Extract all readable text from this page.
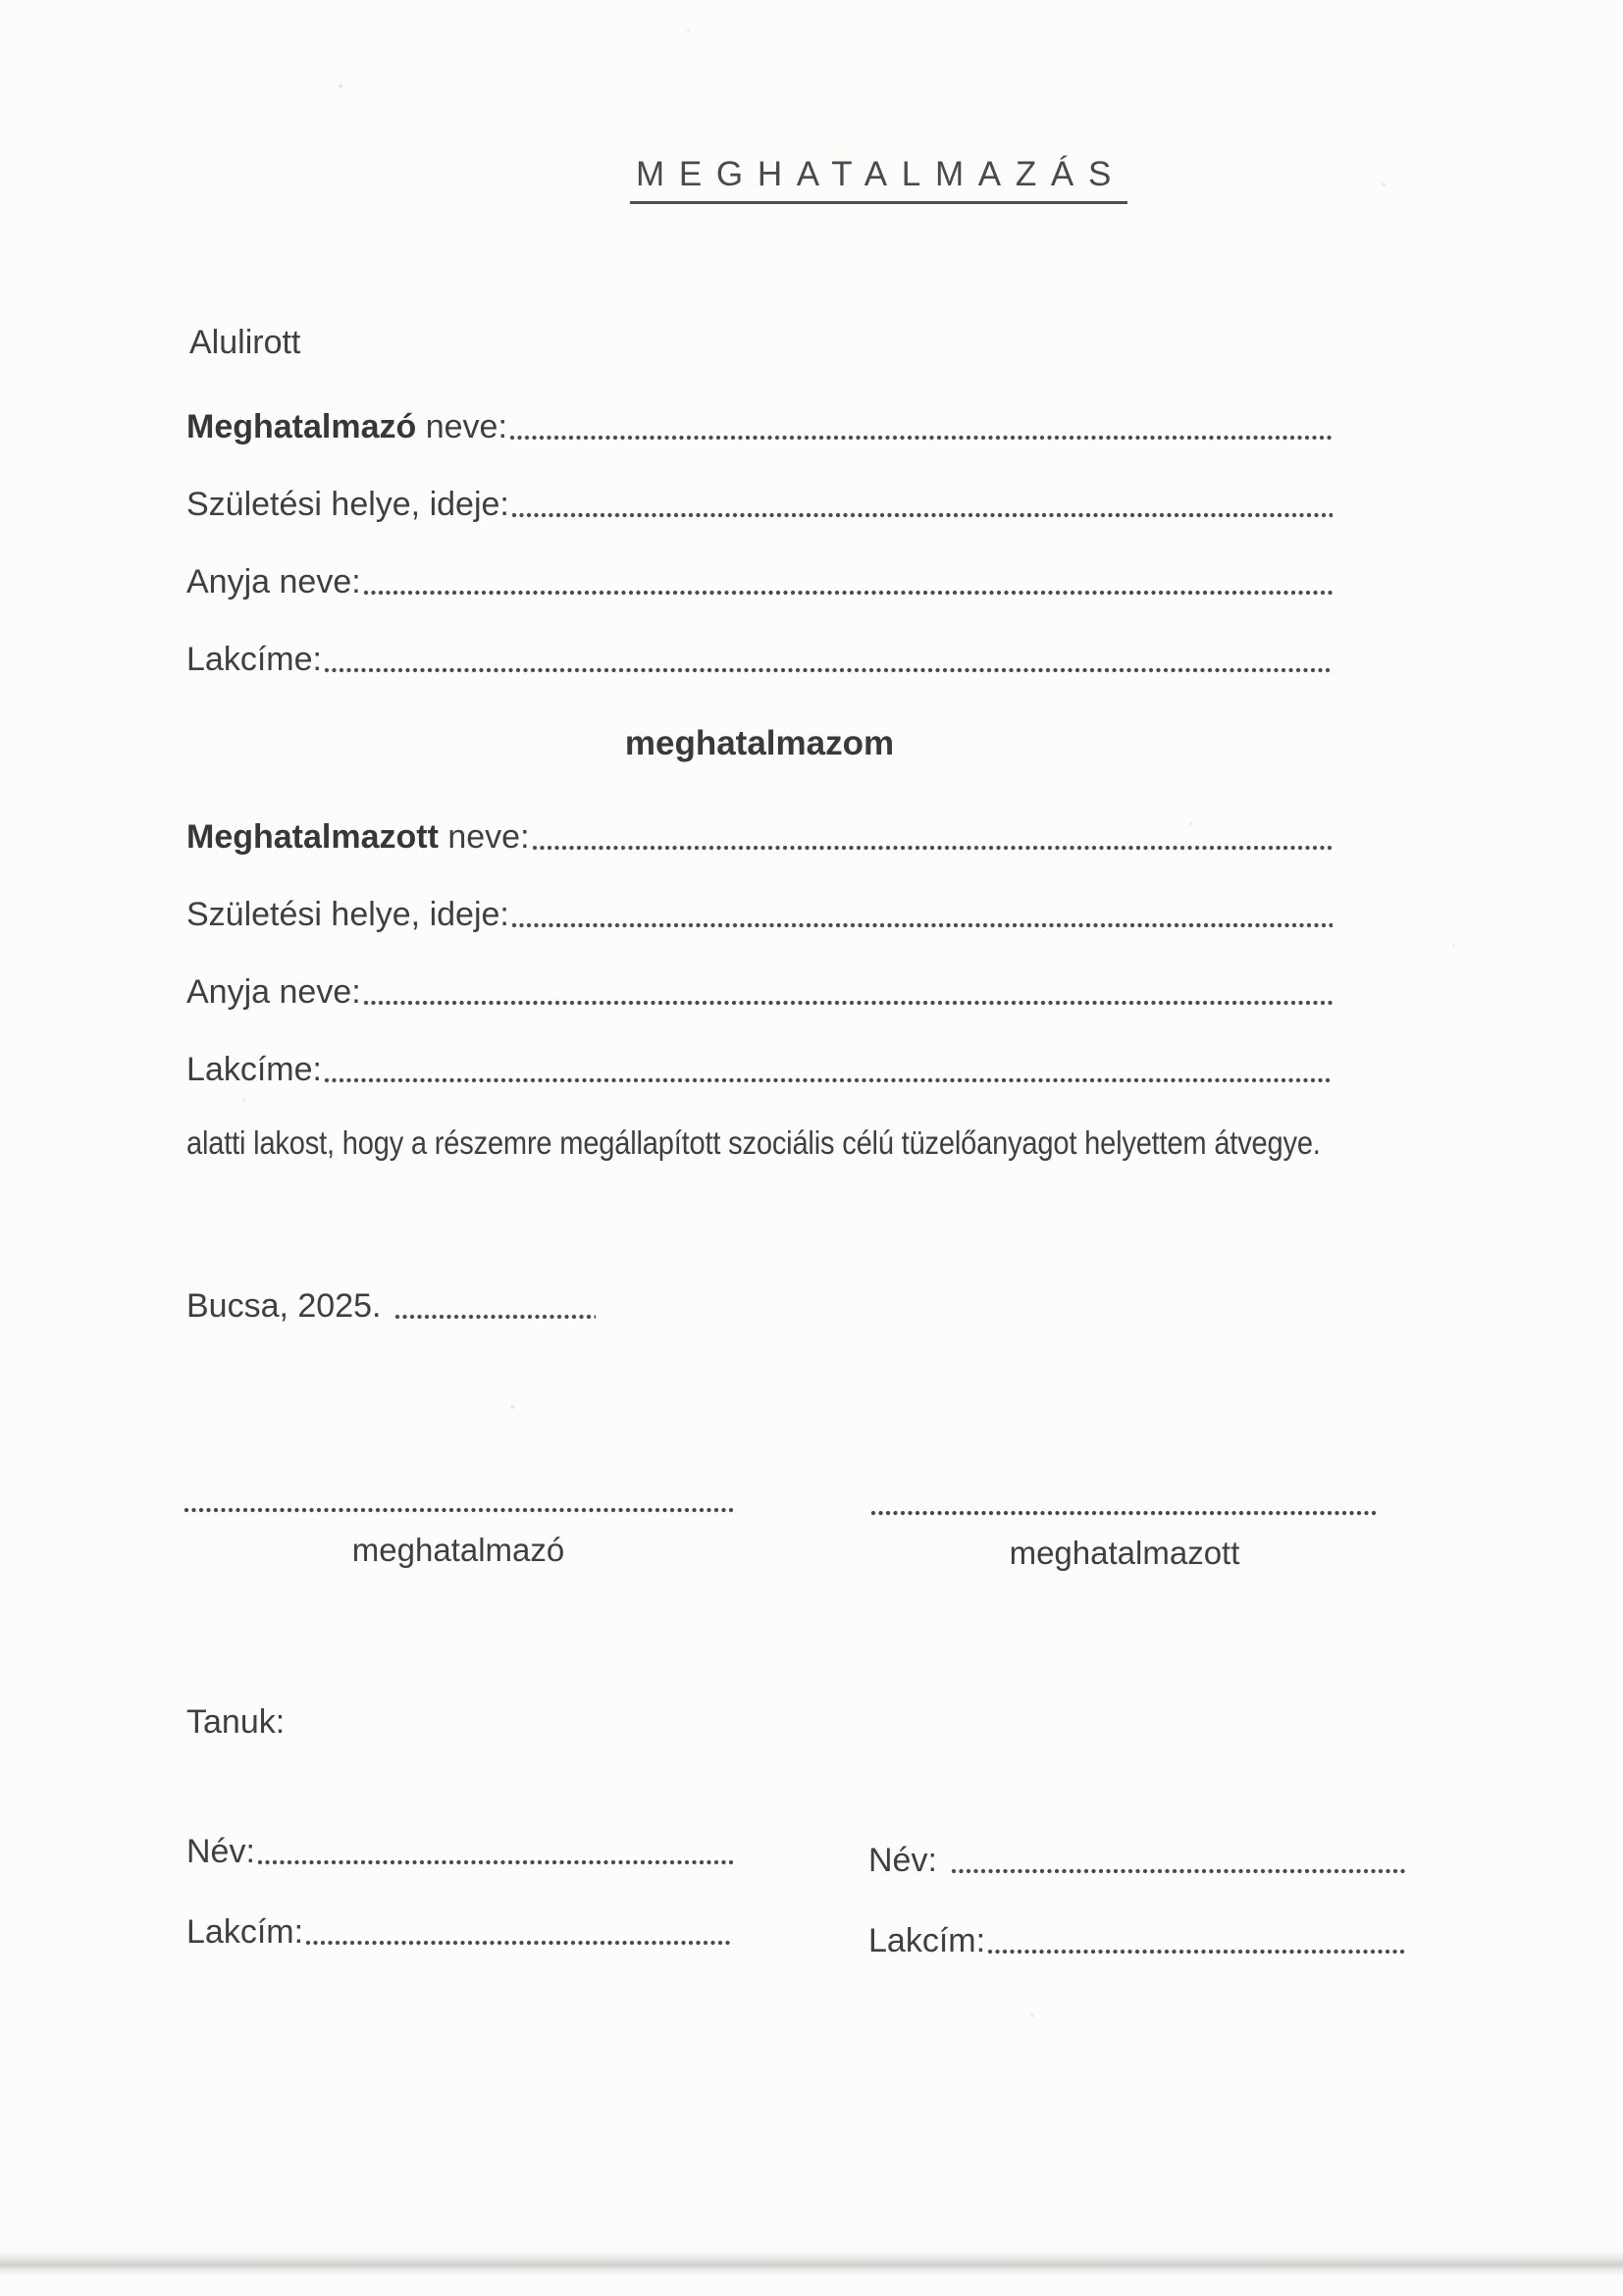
MEGHATALMAZÁS
Alulirott
Meghatalmazó neve:
Születési helye, ideje:
Anyja neve:
Lakcíme:
meghatalmazom
Meghatalmazott neve:
Születési helye, ideje:
Anyja neve:
Lakcíme:
alatti lakost, hogy a részemre megállapított szociális célú tüzelőanyagot helyettem átvegye.
Bucsa, 2025.
meghatalmazó	meghatalmazott
Tanuk:
Név:	Név:
Lakcím:	Lakcím:
